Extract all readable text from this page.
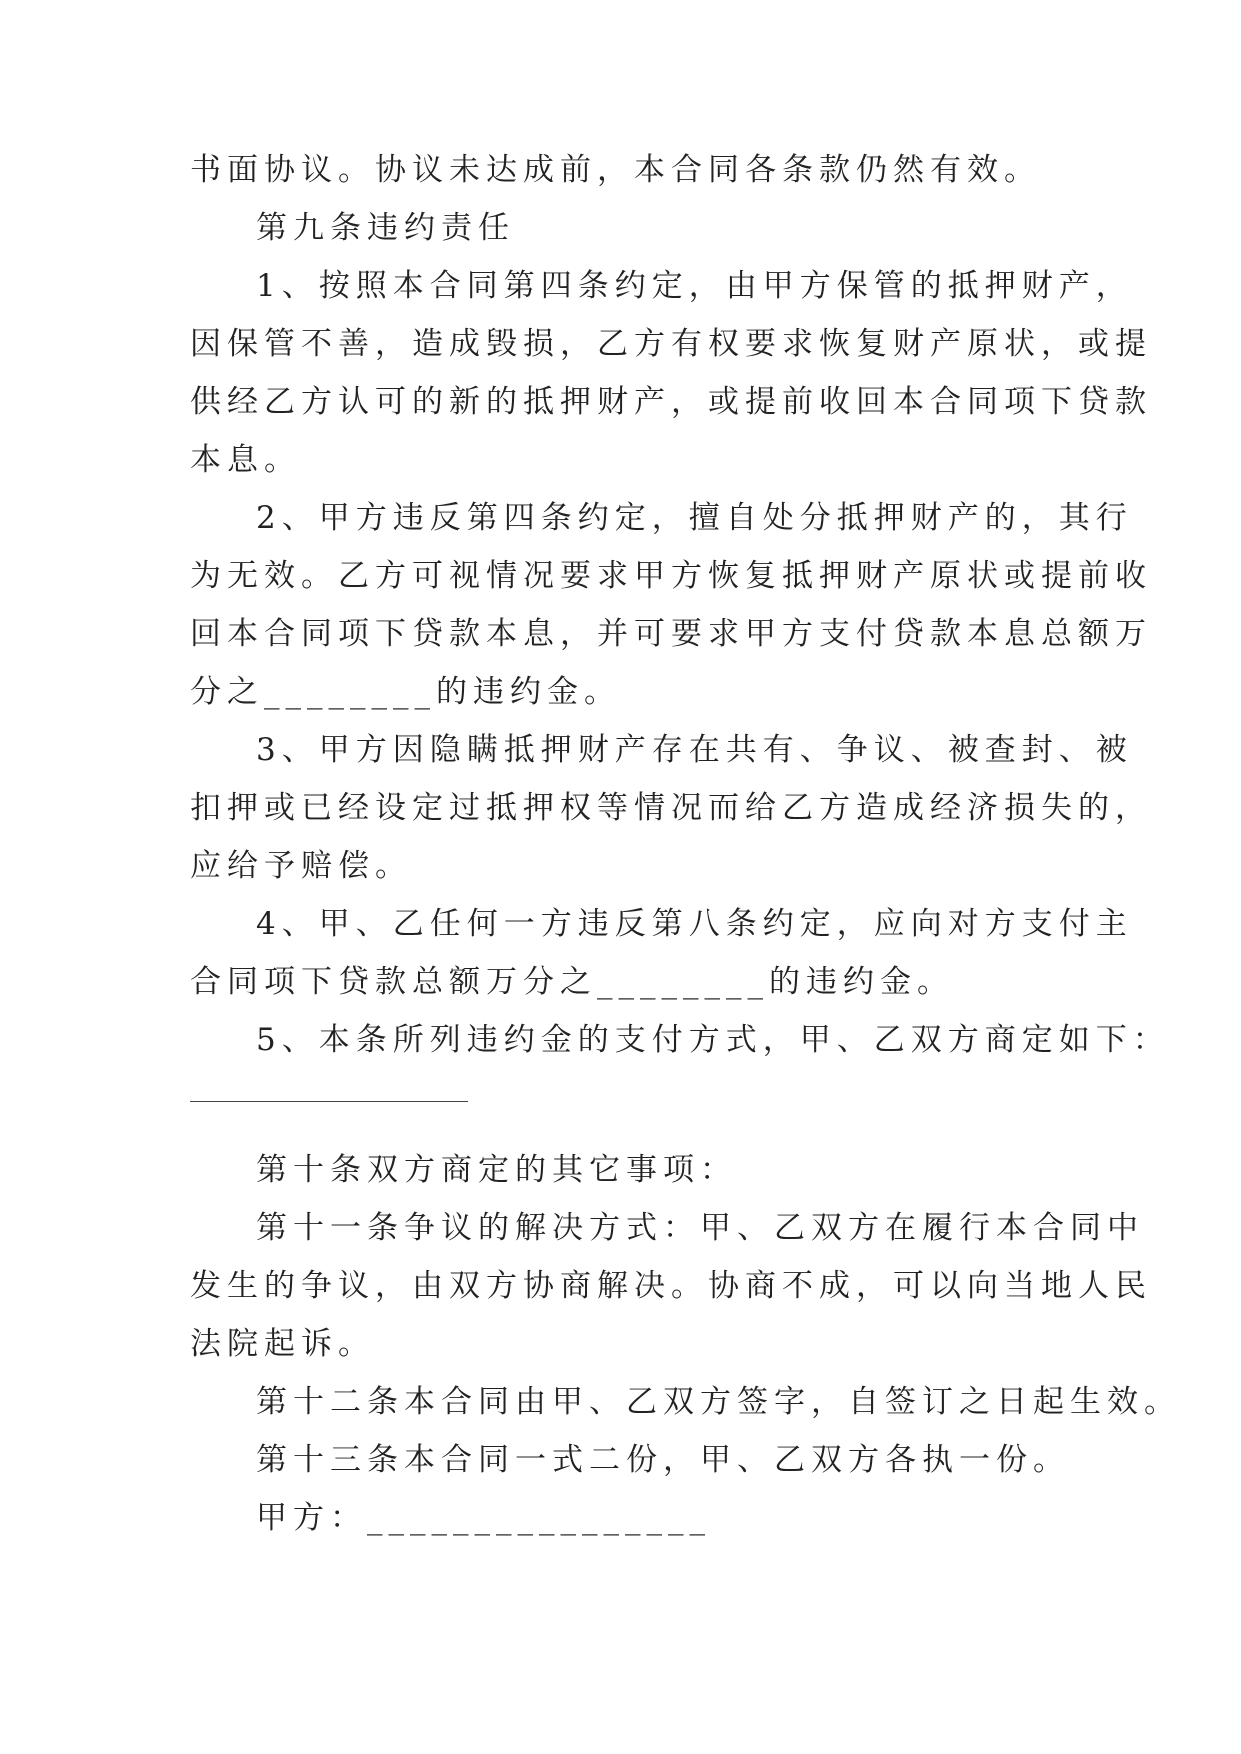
书面协议。协议未达成前，本合同各条款仍然有效。
第九条违约责任
1、按照本合同第四条约定，由甲方保管的抵押财产，
因保管不善，造成毁损，乙方有权要求恢复财产原状，或提
供经乙方认可的新的抵押财产，或提前收回本合同项下贷款
本息。
2、甲方违反第四条约定，擅自处分抵押财产的，其行
为无效。乙方可视情况要求甲方恢复抵押财产原状或提前收
回本合同项下贷款本息，并可要求甲方支付贷款本息总额万
分之________的违约金。
3、甲方因隐瞒抵押财产存在共有、争议、被查封、被
扣押或已经设定过抵押权等情况而给乙方造成经济损失的，
应给予赔偿。
4、甲、乙任何一方违反第八条约定，应向对方支付主
合同项下贷款总额万分之________的违约金。
5、本条所列违约金的支付方式，甲、乙双方商定如下：
第十条双方商定的其它事项：
第十一条争议的解决方式：甲、乙双方在履行本合同中
发生的争议，由双方协商解决。协商不成，可以向当地人民
法院起诉。
第十二条本合同由甲、乙双方签字，自签订之日起生效。
第十三条本合同一式二份，甲、乙双方各执一份。
甲方：________________
